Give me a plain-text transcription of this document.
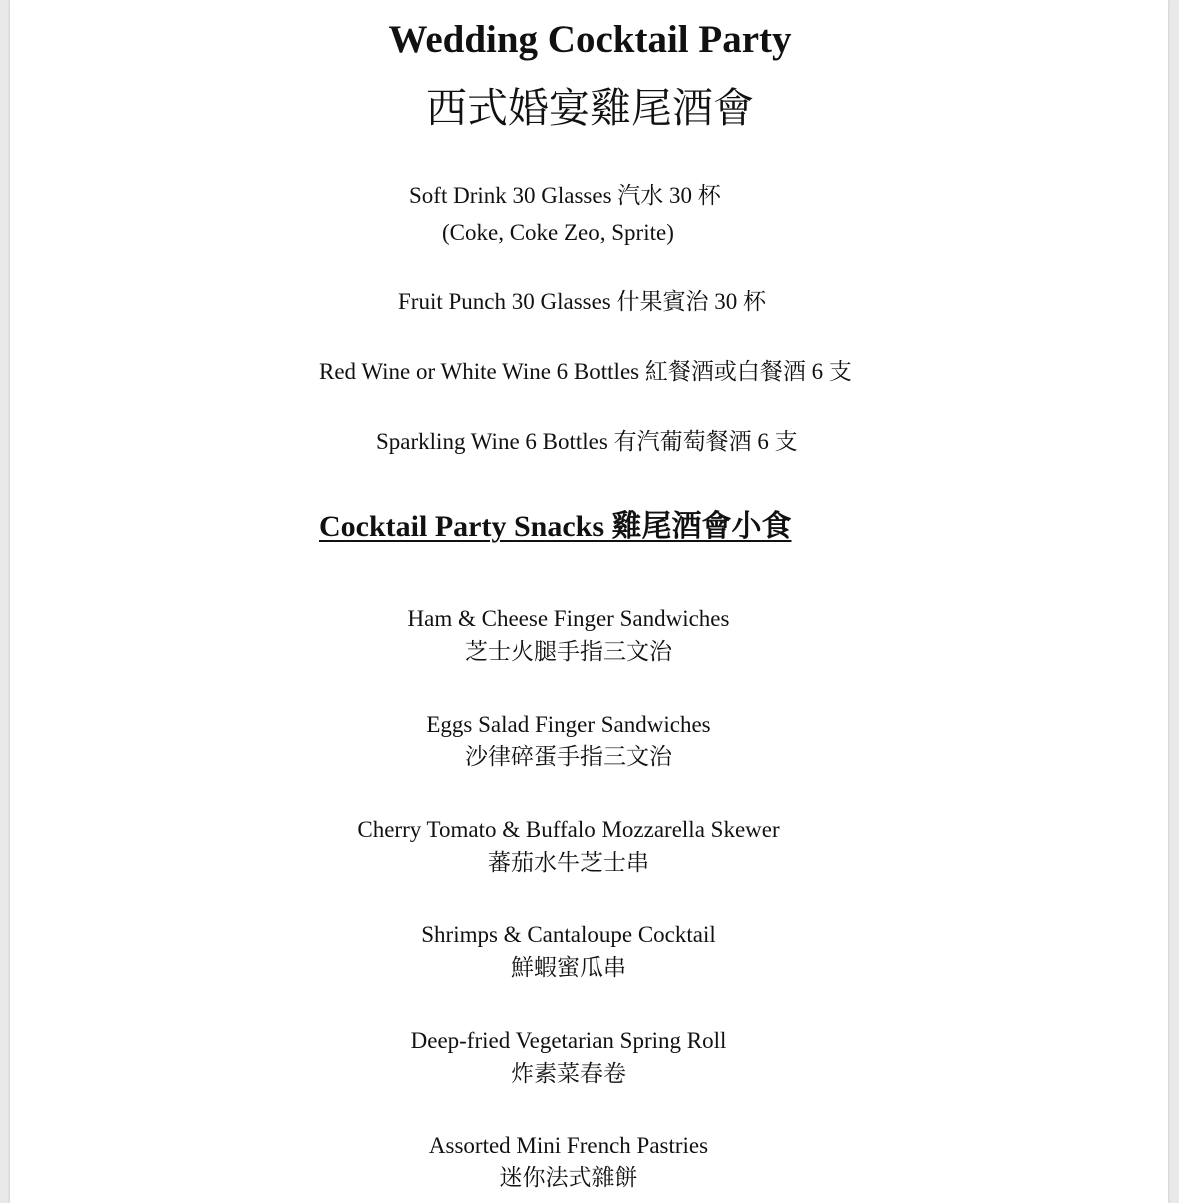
Wedding Cocktail Party
西式婚宴雞尾酒會

Soft Drink 30 Glasses 汽水 30 杯

(Coke, Coke Zeo, Sprite)

Fruit Punch 30 Glasses 什果賓治 30 杯

Red Wine or White Wine 6 Bottles 紅餐酒或白餐酒 6 支

Sparkling Wine 6 Bottles 有汽葡萄餐酒 6 支

Cocktail Party Snacks 雞尾酒會小食

Ham & Cheese Finger Sandwiches

芝士火腿手指三文治

Eggs Salad Finger Sandwiches

沙律碎蛋手指三文治

Cherry Tomato & Buffalo Mozzarella Skewer

蕃茄水牛芝士串

Shrimps & Cantaloupe Cocktail

鮮蝦蜜瓜串

Deep-fried Vegetarian Spring Roll

炸素菜春卷

Assorted Mini French Pastries

迷你法式雜餅
